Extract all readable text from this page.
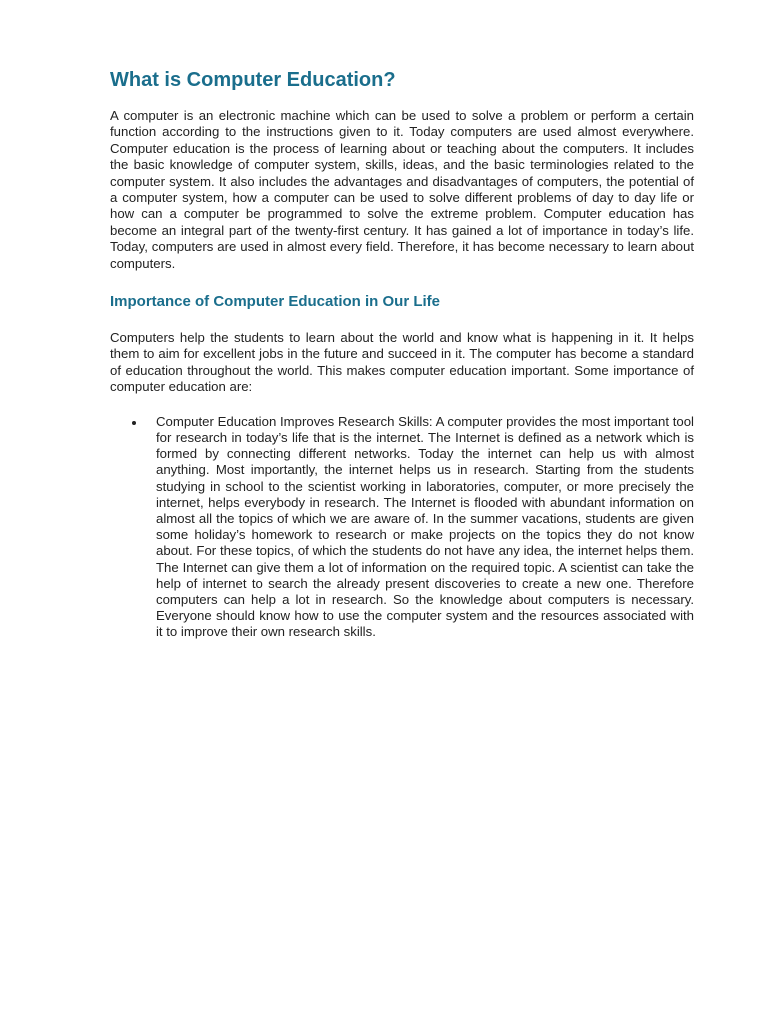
What is Computer Education?

A computer is an electronic machine which can be used to solve a problem or perform a certain function according to the instructions given to it. Today computers are used almost everywhere. Computer education is the process of learning about or teaching about the computers. It includes the basic knowledge of computer system, skills, ideas, and the basic terminologies related to the computer system. It also includes the advantages and disadvantages of computers, the potential of a computer system, how a computer can be used to solve different problems of day to day life or how can a computer be programmed to solve the extreme problem. Computer education has become an integral part of the twenty-first century. It has gained a lot of importance in today’s life. Today, computers are used in almost every field. Therefore, it has become necessary to learn about computers.

Importance of Computer Education in Our Life

Computers help the students to learn about the world and know what is happening in it. It helps them to aim for excellent jobs in the future and succeed in it. The computer has become a standard of education throughout the world. This makes computer education important. Some importance of computer education are:

Computer Education Improves Research Skills: A computer provides the most important tool for research in today’s life that is the internet. The Internet is defined as a network which is formed by connecting different networks. Today the internet can help us with almost anything. Most importantly, the internet helps us in research. Starting from the students studying in school to the scientist working in laboratories, computer, or more precisely the internet, helps everybody in research. The Internet is flooded with abundant information on almost all the topics of which we are aware of. In the summer vacations, students are given some holiday’s homework to research or make projects on the topics they do not know about. For these topics, of which the students do not have any idea, the internet helps them. The Internet can give them a lot of information on the required topic. A scientist can take the help of internet to search the already present discoveries to create a new one. Therefore computers can help a lot in research. So the knowledge about computers is necessary. Everyone should know how to use the computer system and the resources associated with it to improve their own research skills.
